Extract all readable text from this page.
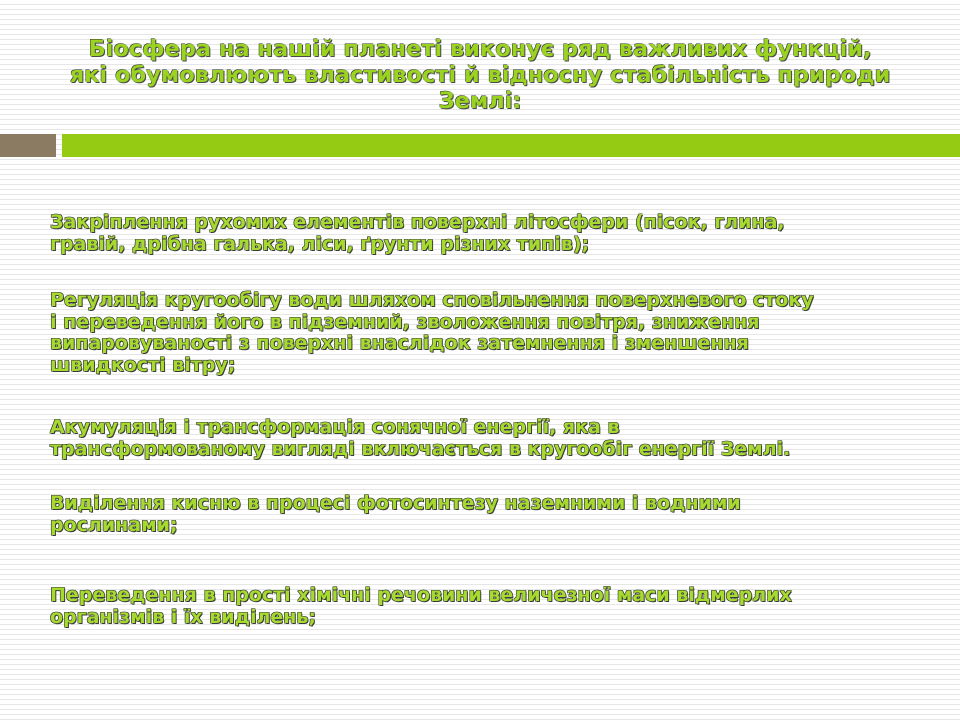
Біосфера на нашій планеті виконує ряд важливих функцій,
які обумовлюють властивості й відносну стабільність природи
Землі:

Закріплення рухомих елементів поверхні літосфери (пісок, глина,
гравій, дрібна галька, ліси, ґрунти різних типів);

Регуляція кругообігу води шляхом сповільнення поверхневого стоку
і переведення його в підземний, зволоження повітря, зниження
випаровуваності з поверхні внаслідок затемнення і зменшення
швидкості вітру;

Акумуляція і трансформація сонячної енергії, яка в
трансформованому вигляді включається в кругообіг енергії Землі.

Виділення кисню в процесі фотосинтезу наземними і водними
рослинами;

Переведення в прості хімічні речовини величезної маси відмерлих
організмів і їх виділень;
